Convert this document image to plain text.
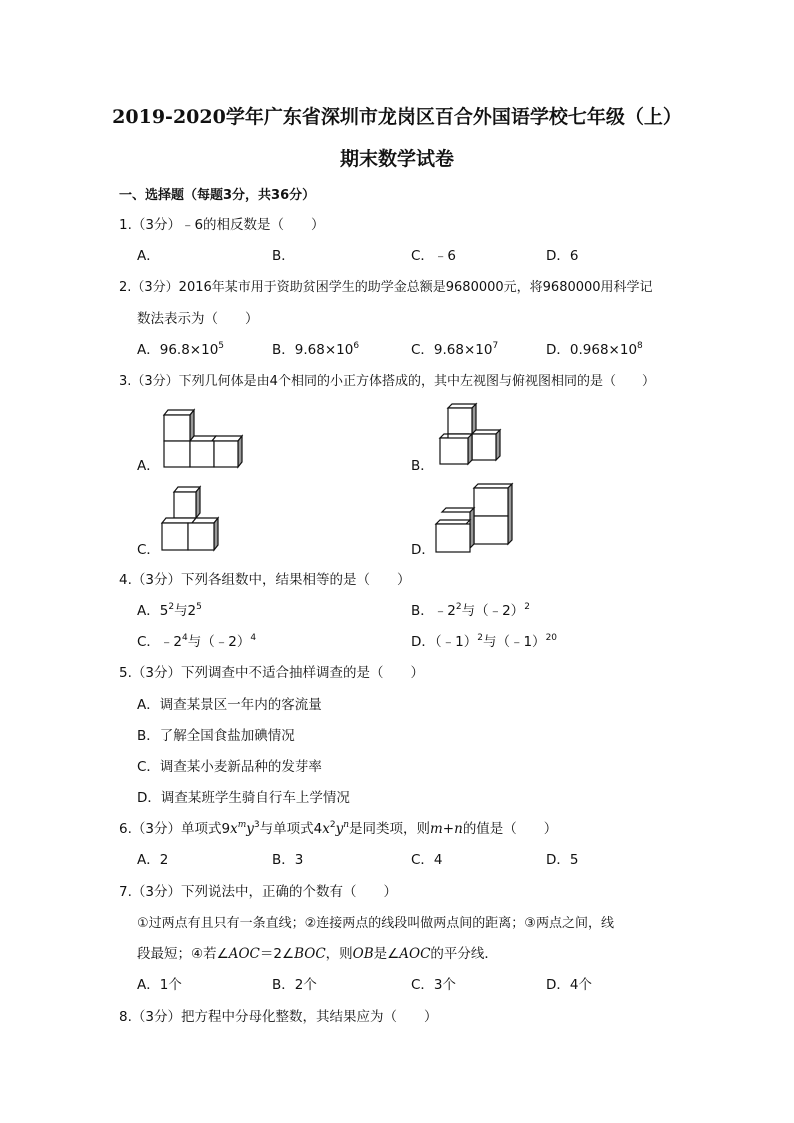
2019-2020学年广东省深圳市龙岗区百合外国语学校七年级（上）
期末数学试卷
一、选择题（每题3分，共36分）
1.（3分）﹣6的相反数是（　　）
A．	B．	C．﹣6	D．6
2.（3分）2016年某市用于资助贫困学生的助学金总额是9680000元，将9680000用科学记
数法表示为（　　）
A．$96.8\times 10^5$	B．$9.68\times 10^6$	C．$9.68\times 10^7$	D．$0.968\times 10^8$
3.（3分）下列几何体是由4个相同的小正方体搭成的，其中左视图与俯视图相同的是（　　）
A．	B．
C．	D．
4.（3分）下列各组数中，结果相等的是（　　）
A．$5^2$与$2^5$	B．$﹣2^2$与（﹣2）$^2$
C．$﹣2^4$与（﹣2）$^4$	D．（﹣1）$^2$与（﹣1）$^{20}$
5.（3分）下列调查中不适合抽样调查的是（　　）
A．调查某景区一年内的客流量
B．了解全国食盐加碘情况
C．调查某小麦新品种的发芽率
D．调查某班学生骑自行车上学情况
6.（3分）单项式$9x^my^3$与单项式$4x^2y^n$是同类项，则m+n的值是（　　）
A．2	B．3	C．4	D．5
7.（3分）下列说法中，正确的个数有（　　）
①过两点有且只有一条直线；②连接两点的线段叫做两点间的距离；③两点之间，线
段最短；④若∠AOC＝2∠BOC，则OB是∠AOC的平分线．
A．1个	B．2个	C．3个	D．4个
8.（3分）把方程中分母化整数，其结果应为（　　）
